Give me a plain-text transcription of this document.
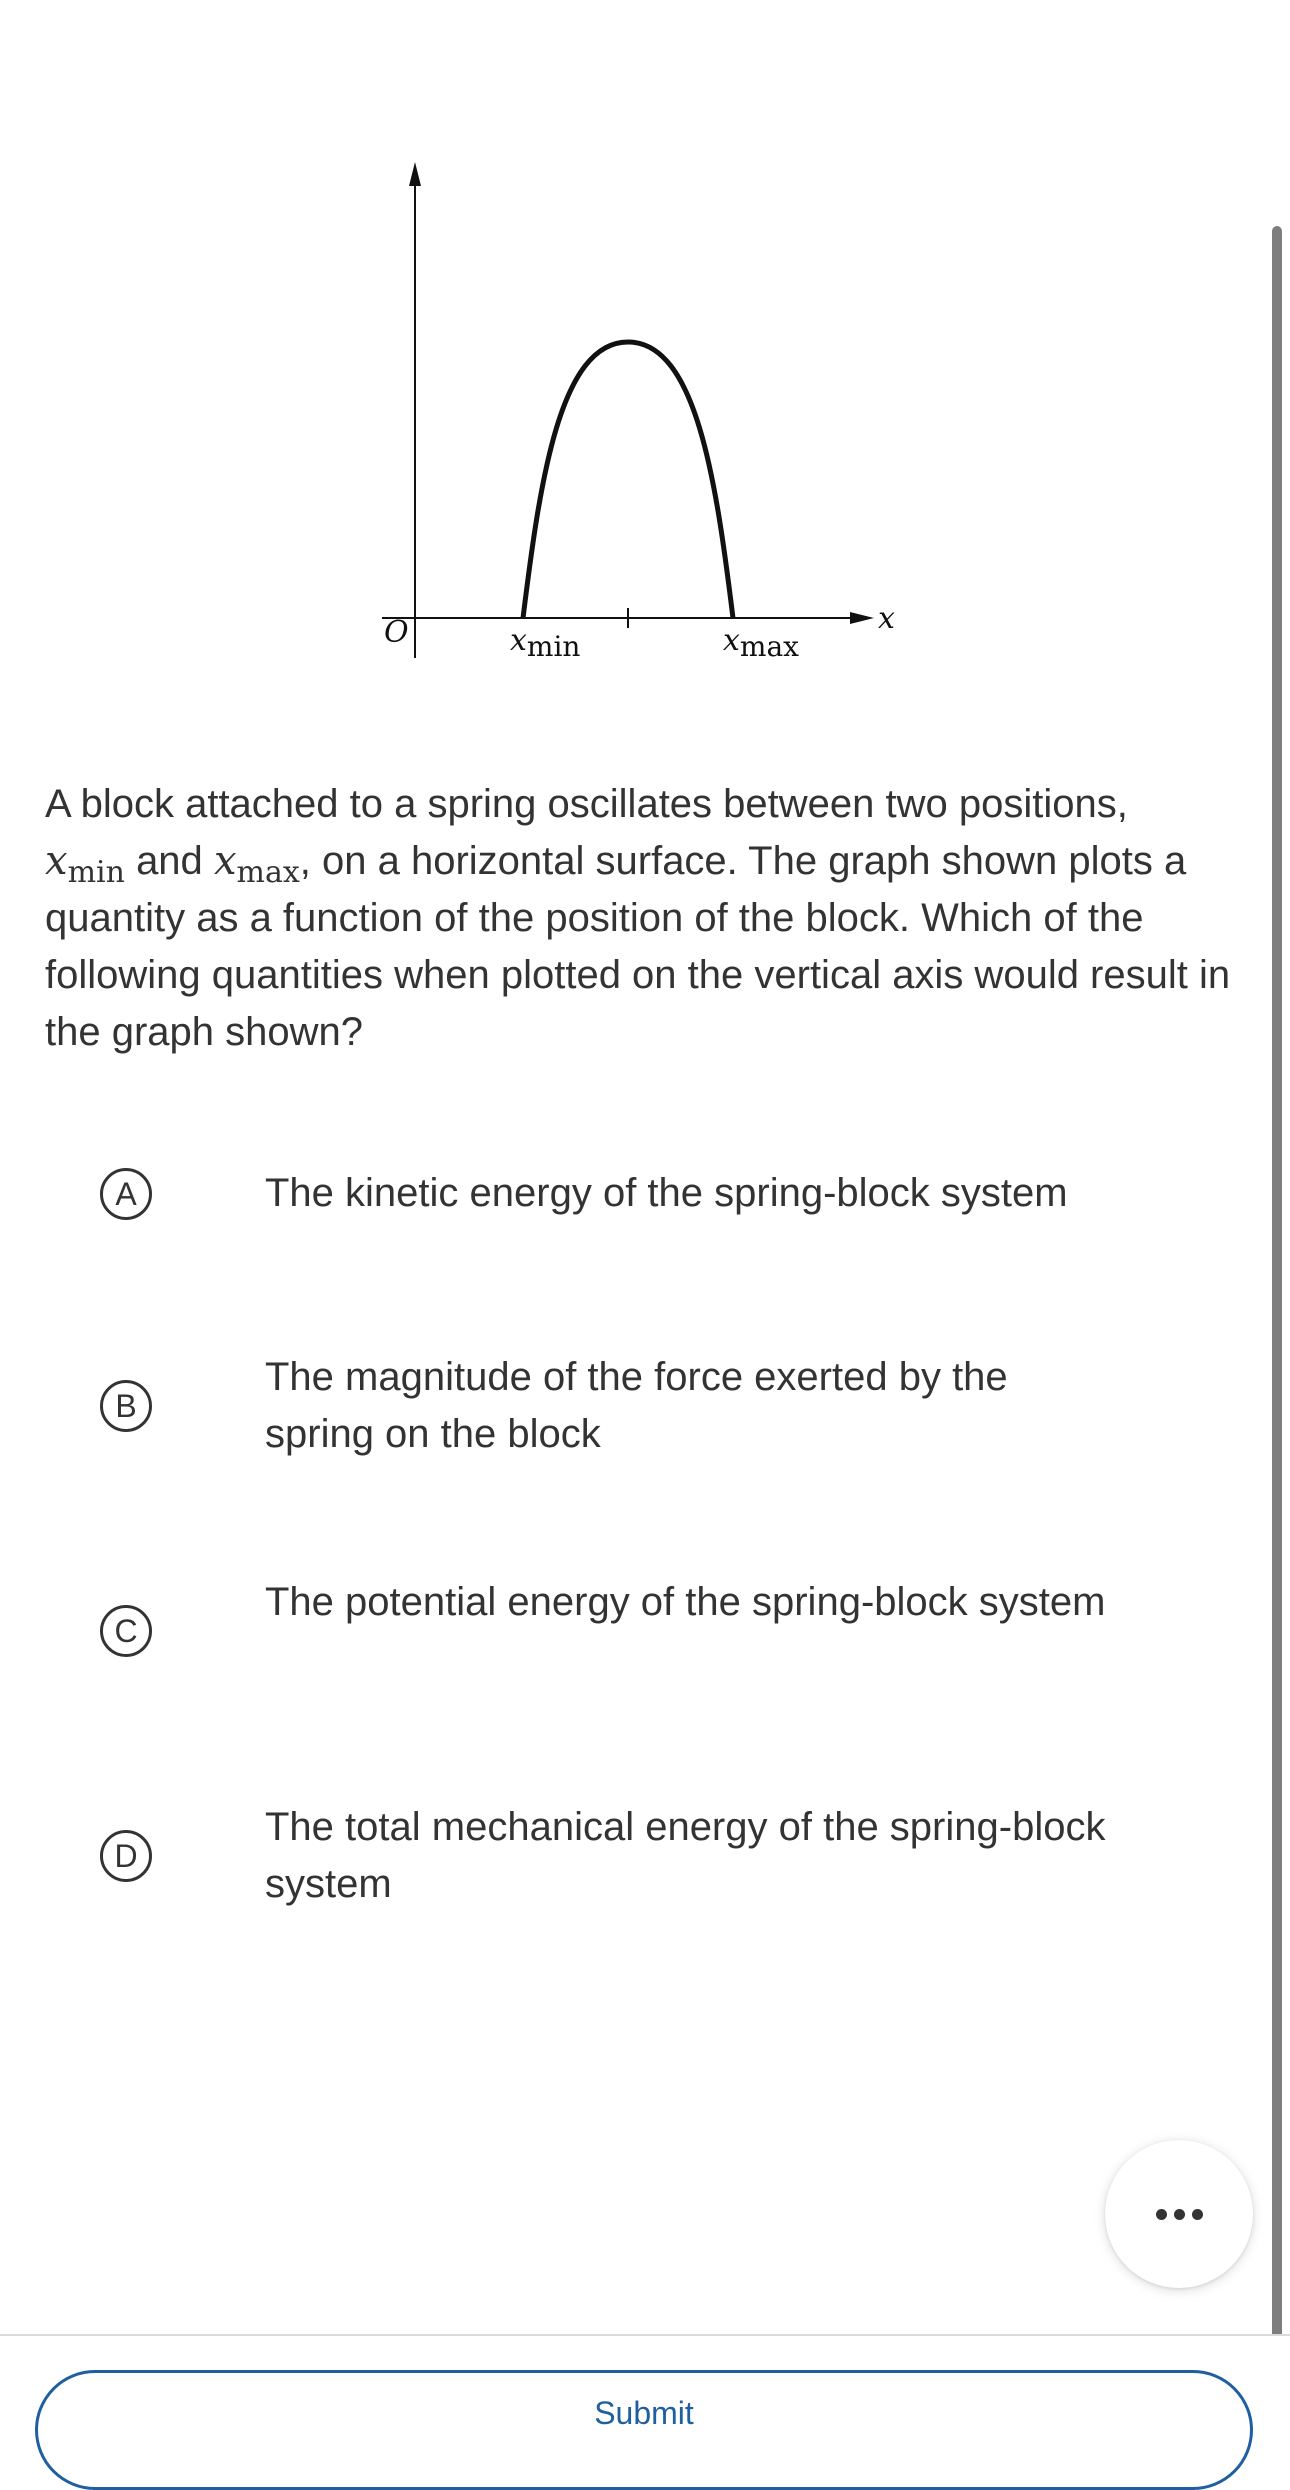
O	x
xmin	xmax

A block attached to a spring oscillates between two positions,
$x_{min}$ and $x_{max}$, on a horizontal surface. The graph shown plots a quantity as a function of the position of the block. Which of the following quantities when plotted on the vertical axis would result in the graph shown?

A	The kinetic energy of the spring-block system
B
The magnitude of the force exerted by the spring on the block
C
The potential energy of the spring-block system
D
The total mechanical energy of the spring-block system
Submit
